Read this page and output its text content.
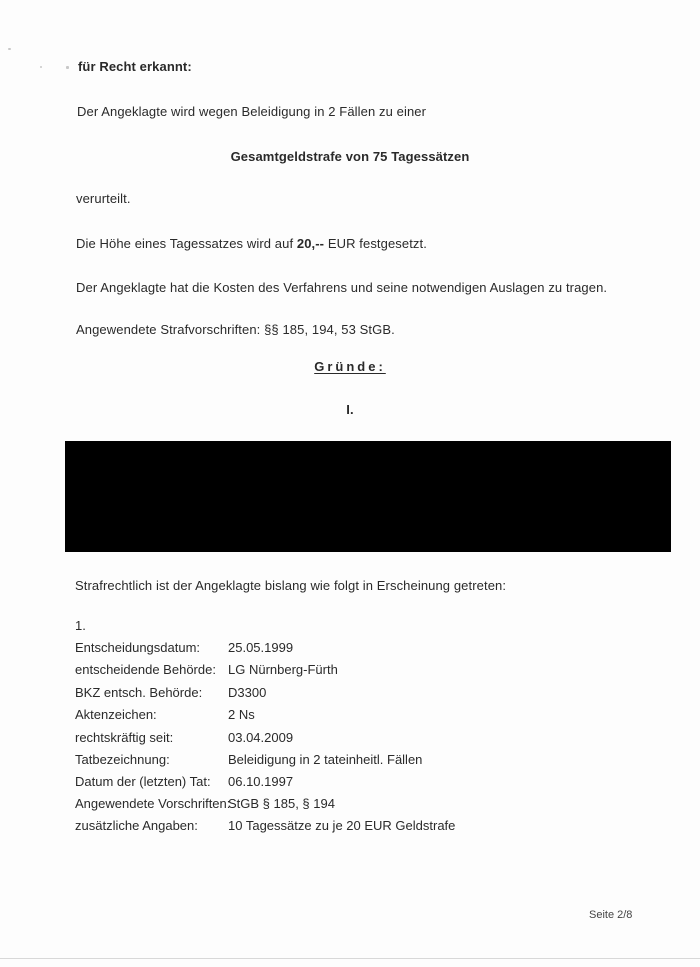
für Recht erkannt:
Der Angeklagte wird wegen Beleidigung in 2 Fällen zu einer
Gesamtgeldstrafe von 75 Tagessätzen
verurteilt.
Die Höhe eines Tagessatzes wird auf 20,-- EUR festgesetzt.
Der Angeklagte hat die Kosten des Verfahrens und seine notwendigen Auslagen zu tragen.
Angewendete Strafvorschriften: §§ 185, 194, 53 StGB.
Gründe:
I.
Strafrechtlich ist der Angeklagte bislang wie folgt in Erscheinung getreten:
1.
Entscheidungsdatum: 25.05.1999
entscheidende Behörde: LG Nürnberg-Fürth
BKZ entsch. Behörde: D3300
Aktenzeichen:	2 Ns
rechtskräftig seit:	03.04.2009
Tatbezeichnung:	Beleidigung in 2 tateinheitl. Fällen
Datum der (letzten) Tat: 06.10.1997
Angewendete Vorschriften:
StGB § 185, § 194
zusätzliche Angaben: 10 Tagessätze zu je 20 EUR Geldstrafe
Seite 2/8
